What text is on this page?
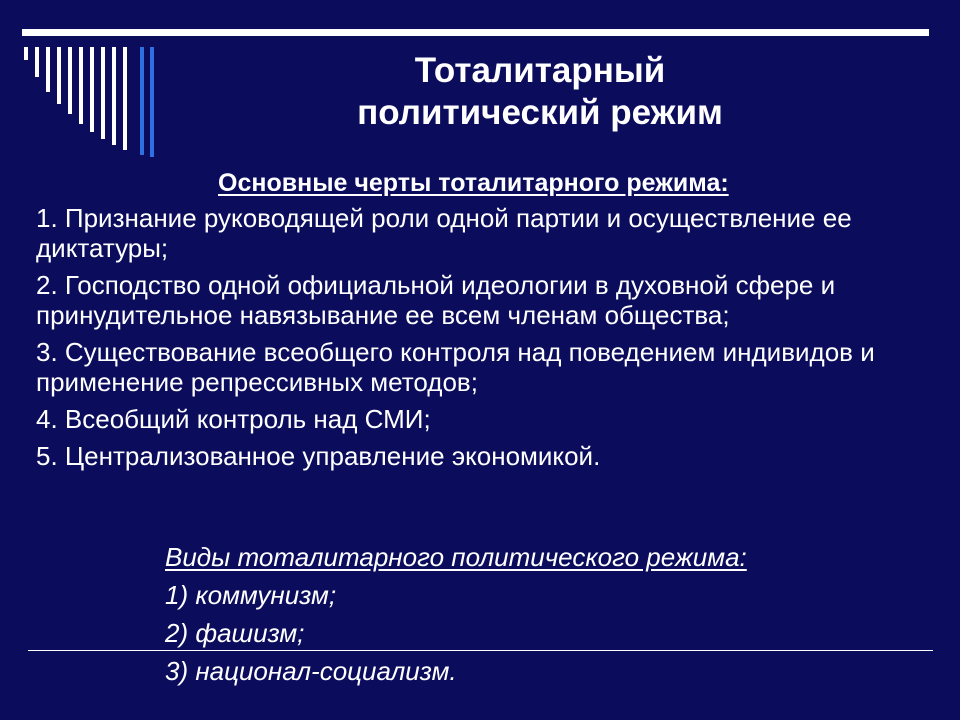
Тоталитарный
политический режим
Основные черты тоталитарного режима:
1. Признание руководящей роли одной партии и осуществление ее диктатуры;
2. Господство одной официальной идеологии в духовной сфере и принудительное навязывание ее всем членам общества;
3. Существование всеобщего контроля над поведением индивидов и применение репрессивных методов;
4. Всеобщий контроль над СМИ;
5. Централизованное управление экономикой.
Виды тоталитарного политического режима:
1) коммунизм;
2) фашизм;
3) национал-социализм.
